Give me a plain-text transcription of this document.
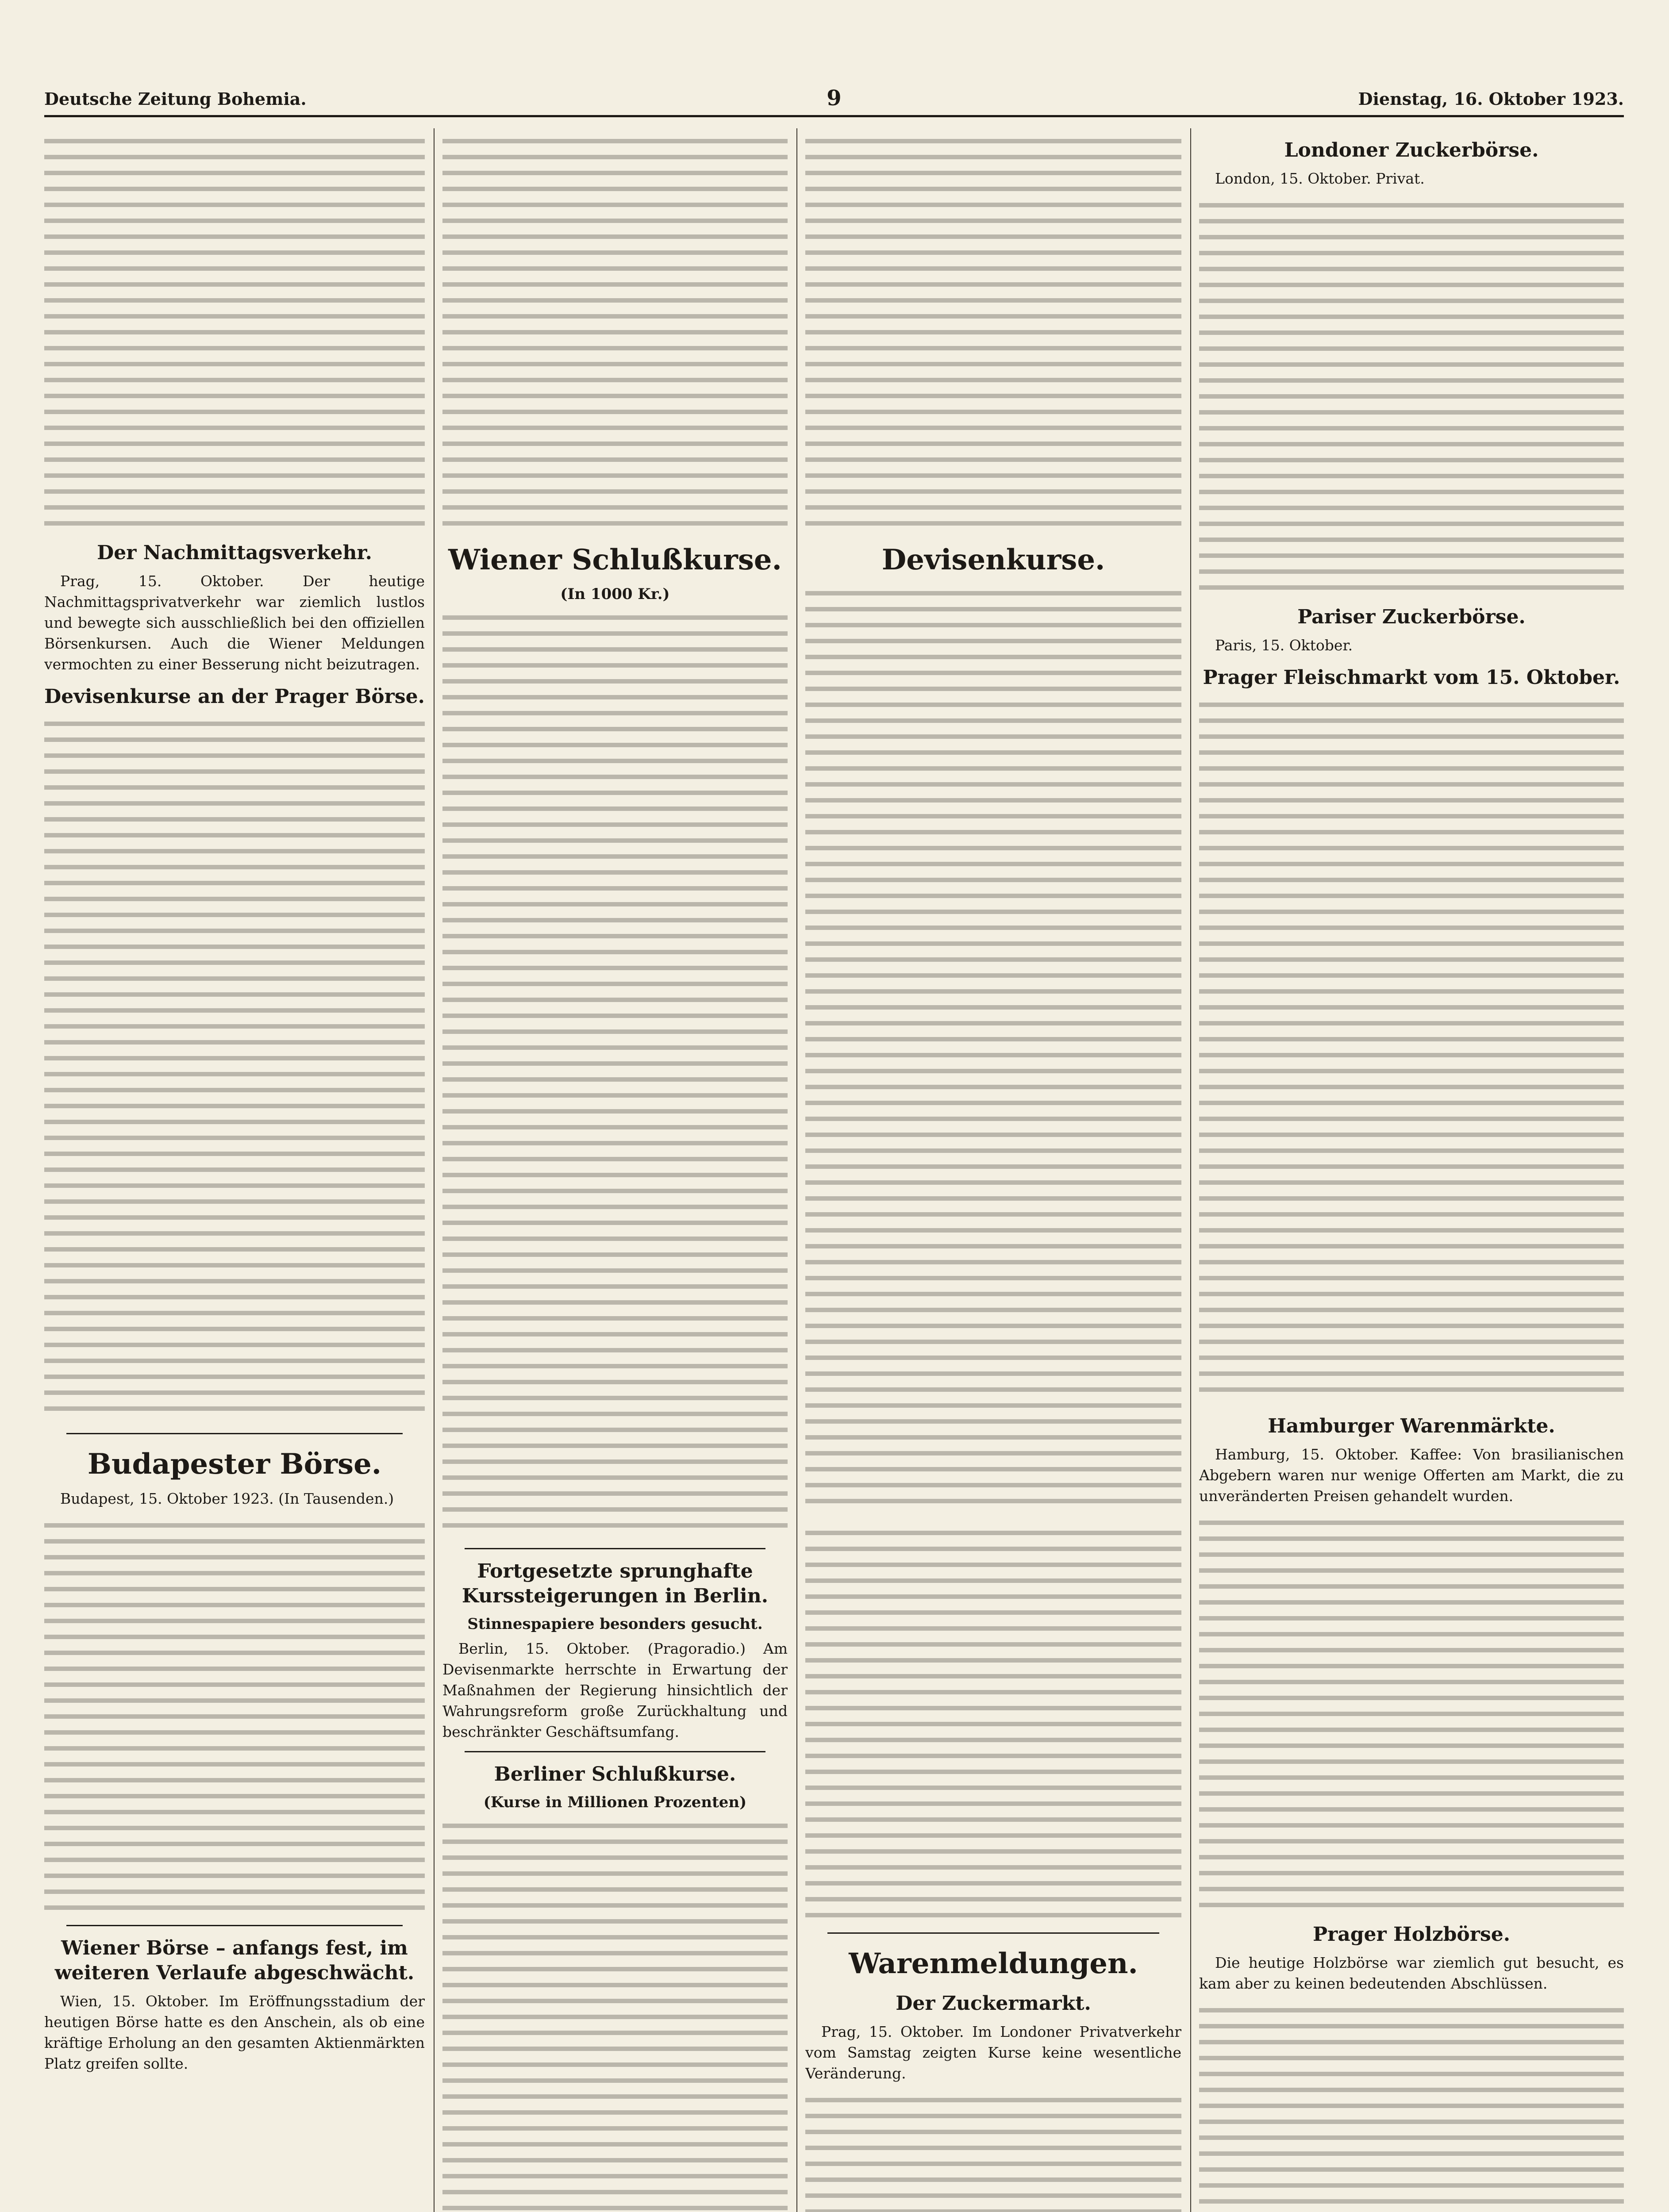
Deutsche Zeitung Bohemia.	9	Dienstag, 16. Oktober 1923.
Der Nachmittagsverkehr.

Prag, 15. Oktober. Der heutige Nachmittagsprivatverkehr war ziemlich lustlos und bewegte sich ausschließlich bei den offiziellen Börsenkursen. Auch die Wiener Meldungen vermochten zu einer Besserung nicht beizutragen.

Devisenkurse an der Prager Börse.
Budapester Börse.

Budapest, 15. Oktober 1923. (In Tausenden.)

Wiener Börse – anfangs fest, im weiteren Verlaufe abgeschwächt.

Wien, 15. Oktober. Im Eröffnungsstadium der heutigen Börse hatte es den Anschein, als ob eine kräftige Erholung an den gesamten Aktienmärkten Platz greifen sollte.

Wiener Schlußkurse.
(In 1000 Kr.)
Fortgesetzte sprunghafte Kurssteigerungen in Berlin.
Stinnespapiere besonders gesucht.

Berlin, 15. Oktober. (Pragoradio.) Am Devisenmarkte herrschte in Erwartung der Maßnahmen der Regierung hinsichtlich der Wahrungsreform große Zurückhaltung und beschränkter Geschäftsumfang.

Berliner Schlußkurse.
(Kurse in Millionen Prozenten)
Devisenkurse.
Warenmeldungen.
Der Zuckermarkt.

Prag, 15. Oktober. Im Londoner Privatverkehr vom Samstag zeigten Kurse keine wesentliche Veränderung.

Londoner Zuckerbörse.

London, 15. Oktober. Privat.

Pariser Zuckerbörse.

Paris, 15. Oktober.

Prager Fleischmarkt vom 15. Oktober.
Hamburger Warenmärkte.

Hamburg, 15. Oktober. Kaffee: Von brasilianischen Abgebern waren nur wenige Offerten am Markt, die zu unveränderten Preisen gehandelt wurden.

Prager Holzbörse.

Die heutige Holzbörse war ziemlich gut besucht, es kam aber zu keinen bedeutenden Abschlüssen.
